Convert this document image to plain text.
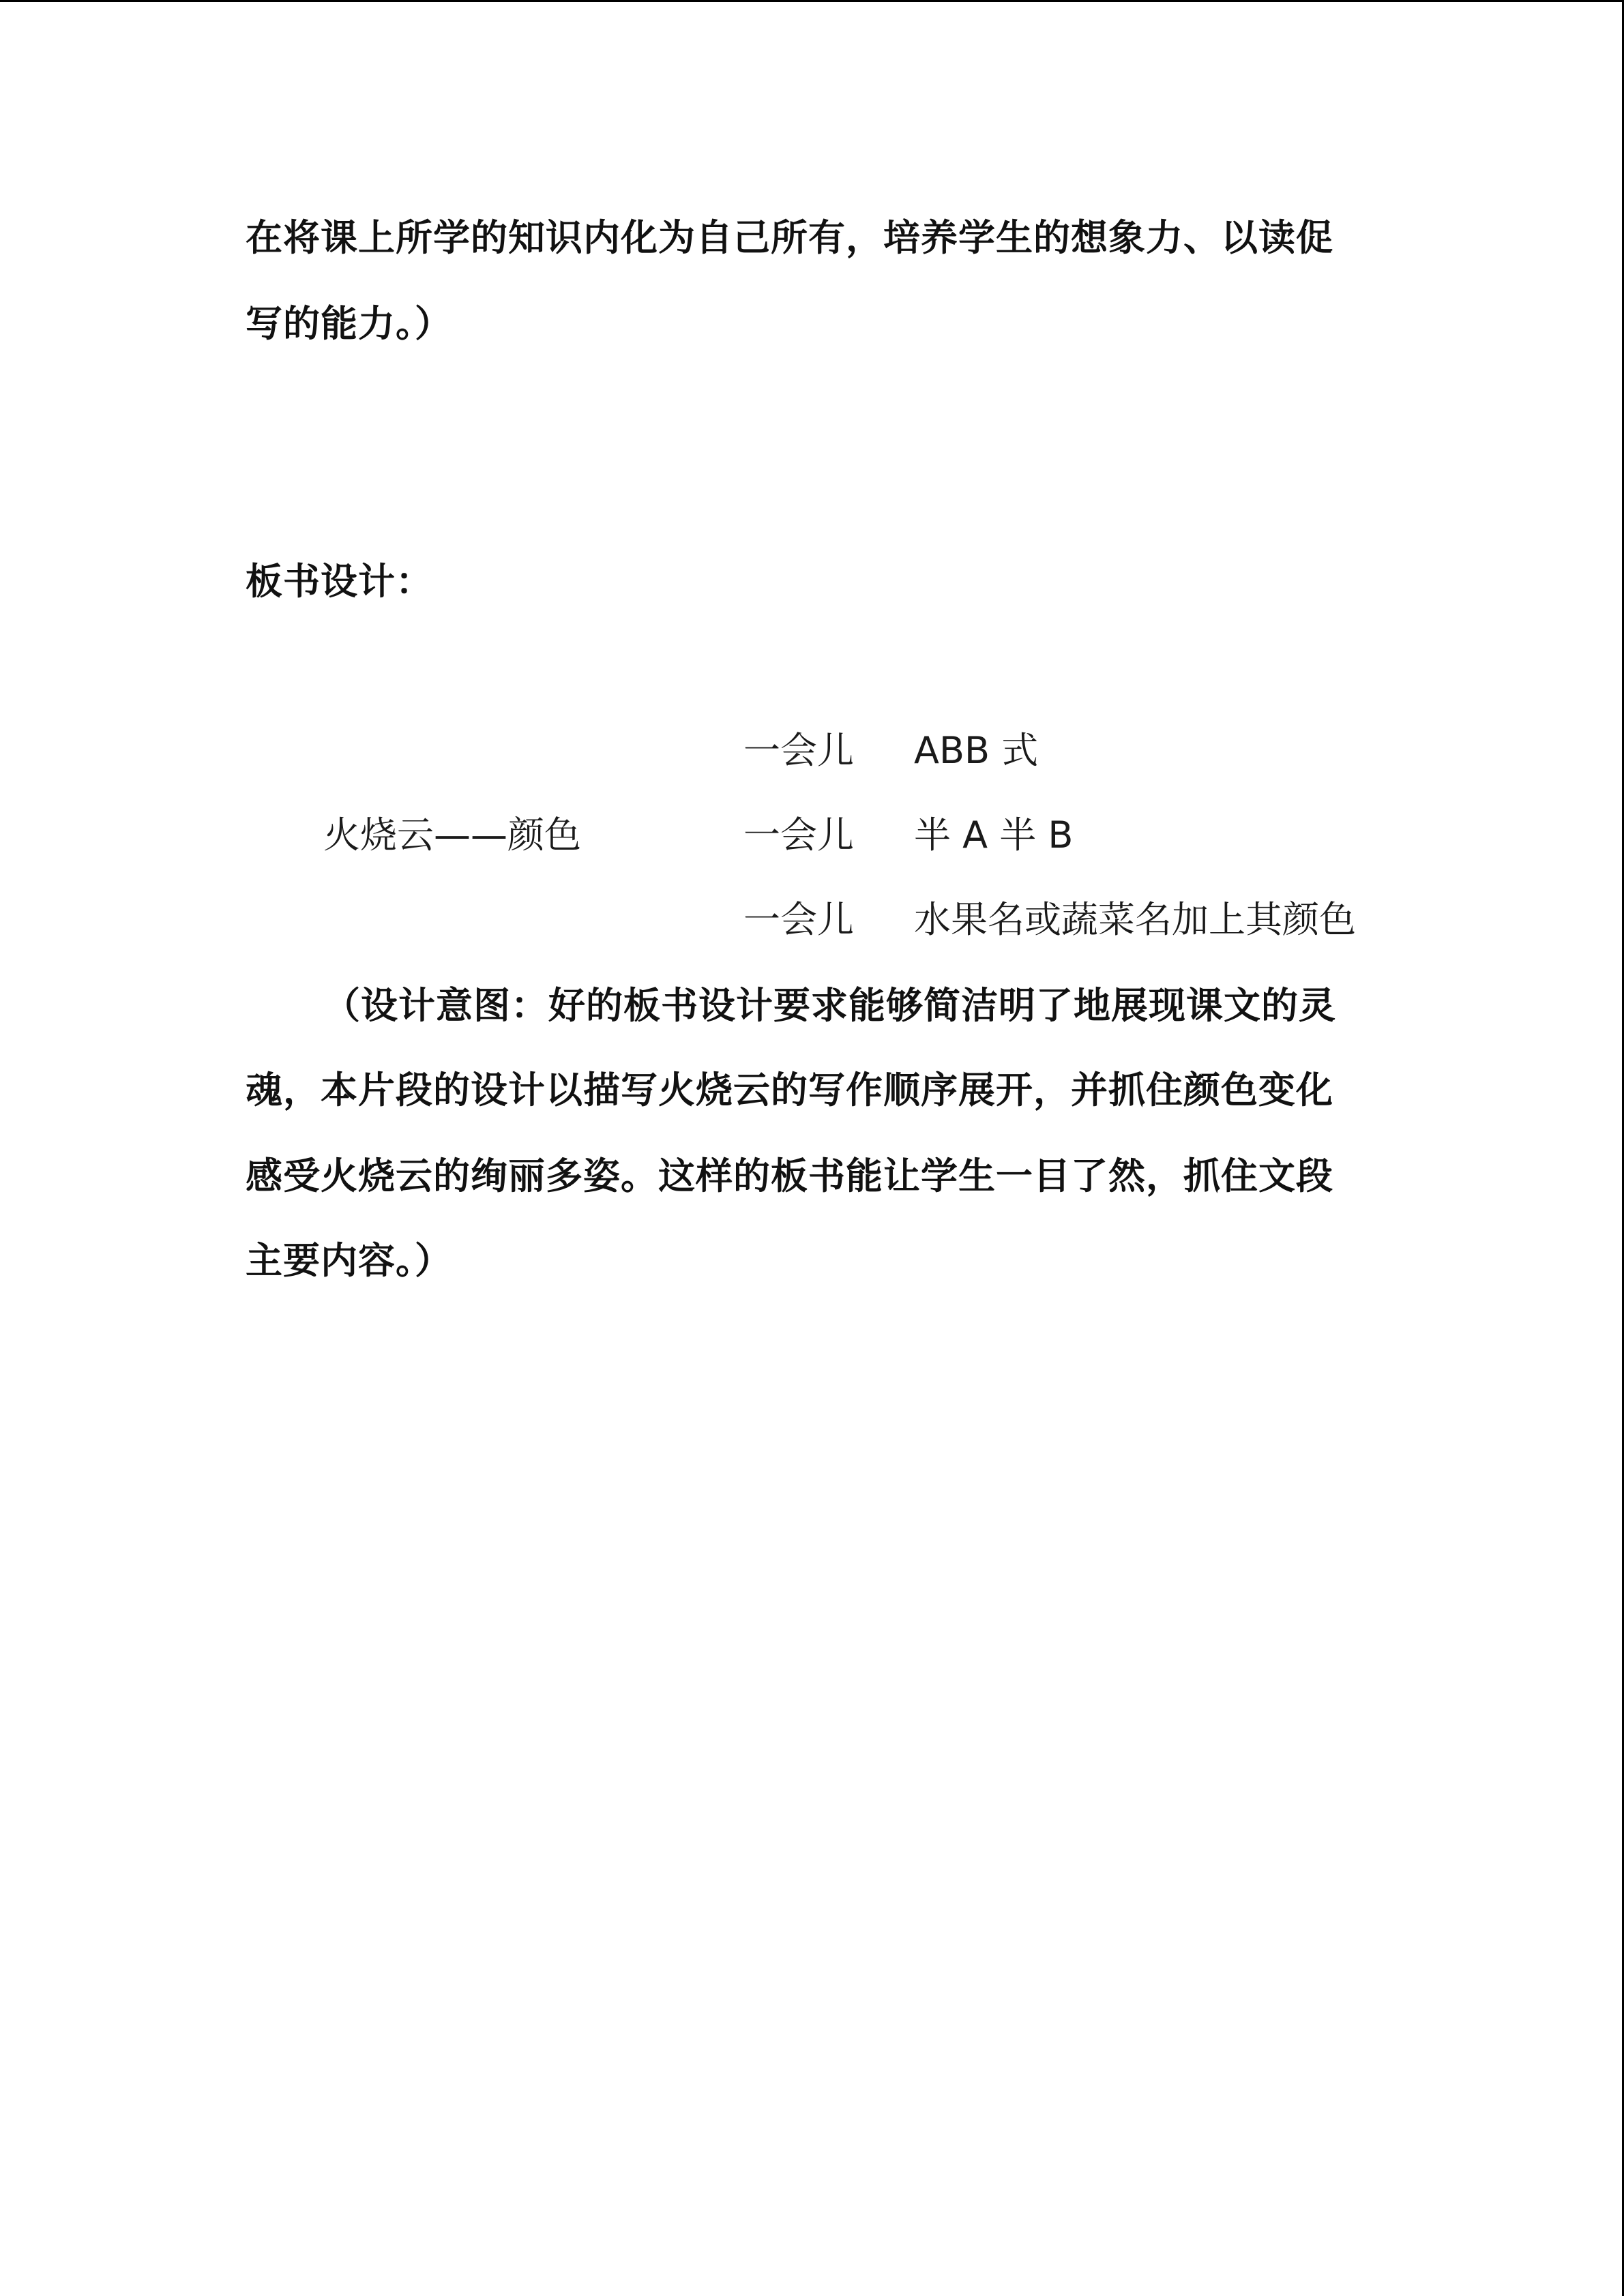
在将课上所学的知识内化为自己所有，培养学生的想象力、以读促
写的能力。）
板书设计：
一会儿 ABB 式
火烧云——颜色	一会儿 半 A 半 B
一会儿 水果名或蔬菜名加上其颜色
（设计意图：好的板书设计要求能够简洁明了地展现课文的灵
魂，本片段的设计以描写火烧云的写作顺序展开，并抓住颜色变化
感受火烧云的绚丽多姿。这样的板书能让学生一目了然，抓住文段
主要内容。）
